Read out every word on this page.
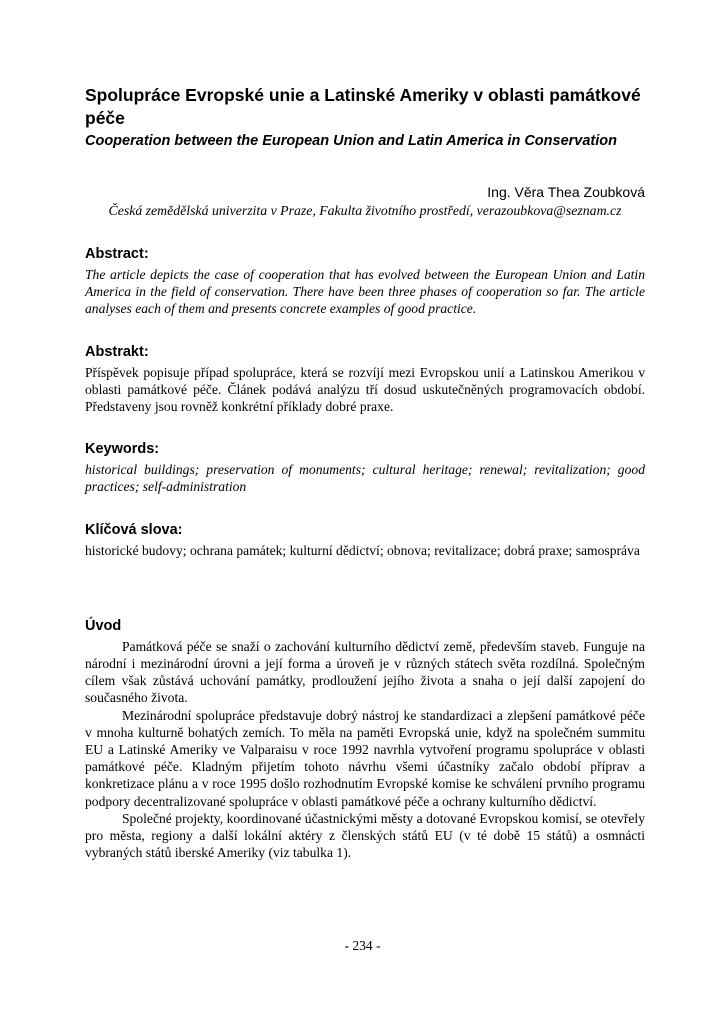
Spolupráce Evropské unie a Latinské Ameriky v oblasti památkové péče
Cooperation between the European Union and Latin America in Conservation
Ing. Věra Thea Zoubková
Česká zemědělská univerzita v Praze, Fakulta životního prostředí, verazoubkova@seznam.cz
Abstract:

The article depicts the case of cooperation that has evolved between the European Union and Latin America in the field of conservation. There have been three phases of cooperation so far. The article analyses each of them and presents concrete examples of good practice.

Abstrakt:

Příspěvek popisuje případ spolupráce, která se rozvíjí mezi Evropskou unií a Latinskou Amerikou v oblasti památkové péče. Článek podává analýzu tří dosud uskutečněných programovacích období. Představeny jsou rovněž konkrétní příklady dobré praxe.

Keywords:

historical buildings; preservation of monuments; cultural heritage; renewal; revitalization; good practices; self-administration

Klíčová slova:

historické budovy; ochrana památek; kulturní dědictví; obnova; revitalizace; dobrá praxe; samospráva

Úvod

Památková péče se snaží o zachování kulturního dědictví země, především staveb. Funguje na národní i mezinárodní úrovni a její forma a úroveň je v různých státech světa rozdílná. Společným cílem však zůstává uchování památky, prodloužení jejího života a snaha o její další zapojení do současného života.

Mezinárodní spolupráce představuje dobrý nástroj ke standardizaci a zlepšení památkové péče v mnoha kulturně bohatých zemích. To měla na paměti Evropská unie, když na společném summitu EU a Latinské Ameriky ve Valparaisu v roce 1992 navrhla vytvoření programu spolupráce v oblasti památkové péče. Kladným přijetím tohoto návrhu všemi účastníky začalo období příprav a konkretizace plánu a v roce 1995 došlo rozhodnutím Evropské komise ke schválení prvního programu podpory decentralizované spolupráce v oblasti památkové péče a ochrany kulturního dědictví.

Společné projekty, koordinované účastnickými městy a dotované Evropskou komisí, se otevřely pro města, regiony a další lokální aktéry z členských států EU (v té době 15 států) a osmnácti vybraných států iberské Ameriky (viz tabulka 1).

- 234 -
